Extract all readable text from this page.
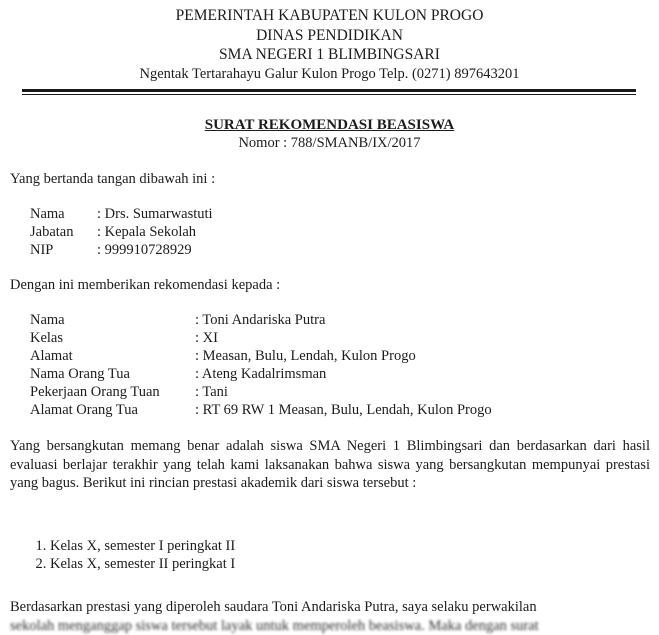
PEMERINTAH KABUPATEN KULON PROGO
DINAS PENDIDIKAN
SMA NEGERI 1 BLIMBINGSARI
Ngentak Tertarahayu Galur Kulon Progo Telp. (0271) 897643201
SURAT REKOMENDASI BEASISWA
Nomor : 788/SMANB/IX/2017
Yang bertanda tangan dibawah ini :
Nama	: Drs. Sumarwastuti
Jabatan	: Kepala Sekolah
NIP	: 999910728929
Dengan ini memberikan rekomendasi kepada :
Nama	: Toni Andariska Putra
Kelas	: XI
Alamat	: Measan, Bulu, Lendah, Kulon Progo
Nama Orang Tua	: Ateng Kadalrimsman
Pekerjaan Orang Tuan	: Tani
Alamat Orang Tua	: RT 69 RW 1 Measan, Bulu, Lendah, Kulon Progo
Yang bersangkutan memang benar adalah siswa SMA Negeri 1 Blimbingsari dan berdasarkan dari hasil evaluasi berlajar terakhir yang telah kami laksanakan bahwa siswa yang bersangkutan mempunyai prestasi yang bagus. Berikut ini rincian prestasi akademik dari siswa tersebut :
1. Kelas X, semester I peringkat II
2. Kelas X, semester II peringkat I
Berdasarkan prestasi yang diperoleh saudara Toni Andariska Putra, saya selaku perwakilan
sekolah menganggap siswa tersebut layak untuk memperoleh beasiswa. Maka dengan surat
